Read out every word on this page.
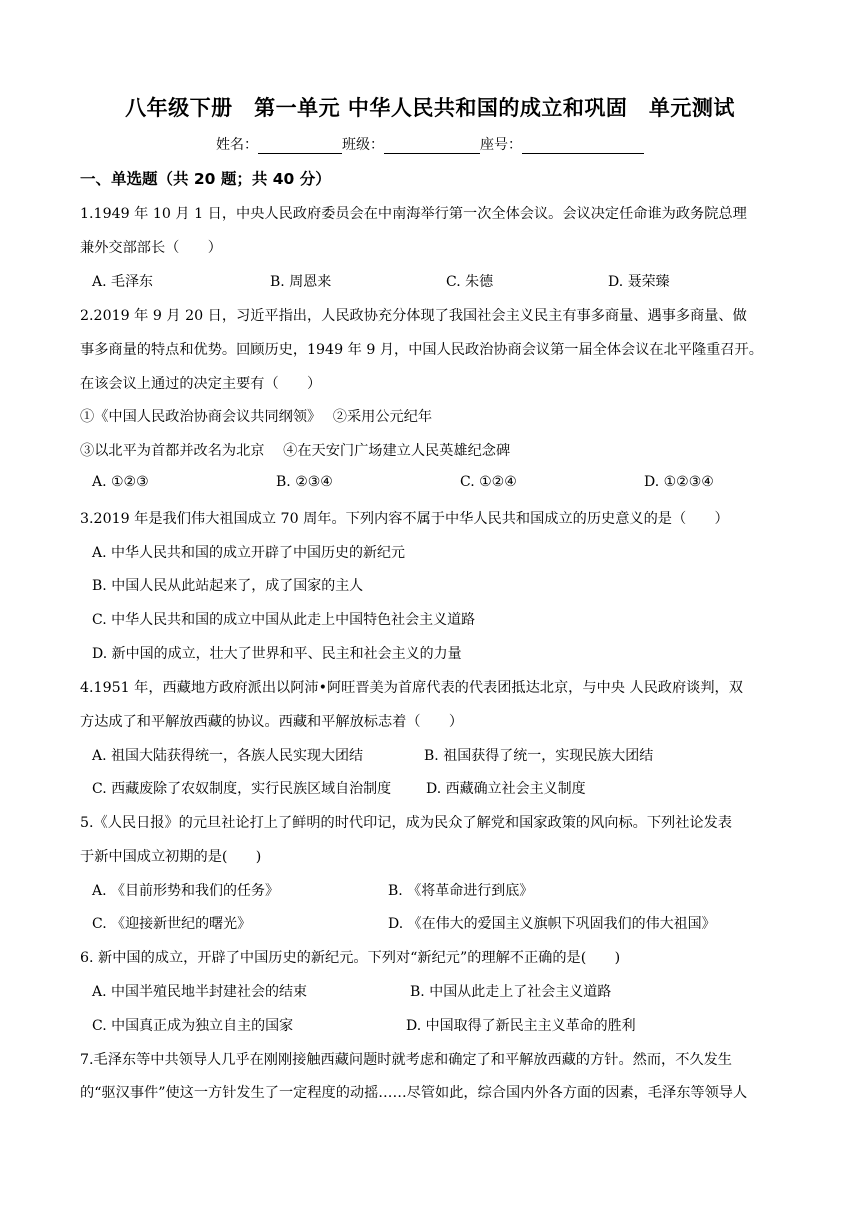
八年级下册　第一单元 中华人民共和国的成立和巩固　单元测试
姓名：	班级：	座号：
一、单选题（共 20 题；共 40 分）
1.1949 年 10 月 1 日，中央人民政府委员会在中南海举行第一次全体会议。会议决定任命谁为政务院总理
兼外交部部长（　　）
A. 毛泽东	B. 周恩来	C. 朱德	D. 聂荣臻
2.2019 年 9 月 20 日，习近平指出，人民政协充分体现了我国社会主义民主有事多商量、遇事多商量、做
事多商量的特点和优势。回顾历史，1949 年 9 月，中国人民政治协商会议第一届全体会议在北平隆重召开。
在该会议上通过的决定主要有（　　）
①《中国人民政治协商会议共同纲领》　 ②采用公元纪年
③以北平为首都并改名为北京　 ④在天安门广场建立人民英雄纪念碑
A. ①②③	B. ②③④	C. ①②④	D. ①②③④
3.2019 年是我们伟大祖国成立 70 周年。下列内容不属于中华人民共和国成立的历史意义的是（　　）
A. 中华人民共和国的成立开辟了中国历史的新纪元
B. 中国人民从此站起来了，成了国家的主人
C. 中华人民共和国的成立中国从此走上中国特色社会主义道路
D. 新中国的成立，壮大了世界和平、民主和社会主义的力量
4.1951 年，西藏地方政府派出以阿沛•阿旺晋美为首席代表的代表团抵达北京，与中央 人民政府谈判，双
方达成了和平解放西藏的协议。西藏和平解放标志着（　　）
A. 祖国大陆获得统一，各族人民实现大团结	B. 祖国获得了统一，实现民族大团结
C. 西藏废除了农奴制度，实行民族区域自治制度 D. 西藏确立社会主义制度
5.《人民日报》的元旦社论打上了鲜明的时代印记，成为民众了解党和国家政策的风向标。下列社论发表
于新中国成立初期的是(　　)
A. 《目前形势和我们的任务》	B. 《将革命进行到底》
C. 《迎接新世纪的曙光》	D. 《在伟大的爱国主义旗帜下巩固我们的伟大祖国》
6. 新中国的成立，开辟了中国历史的新纪元。下列对“新纪元”的理解不正确的是(　　)
A. 中国半殖民地半封建社会的结束	B. 中国从此走上了社会主义道路
C. 中国真正成为独立自主的国家	D. 中国取得了新民主主义革命的胜利
7.毛泽东等中共领导人几乎在刚刚接触西藏问题时就考虑和确定了和平解放西藏的方针。然而，不久发生
的“驱汉事件”使这一方针发生了一定程度的动摇……尽管如此，综合国内外各方面的因素，毛泽东等领导人
